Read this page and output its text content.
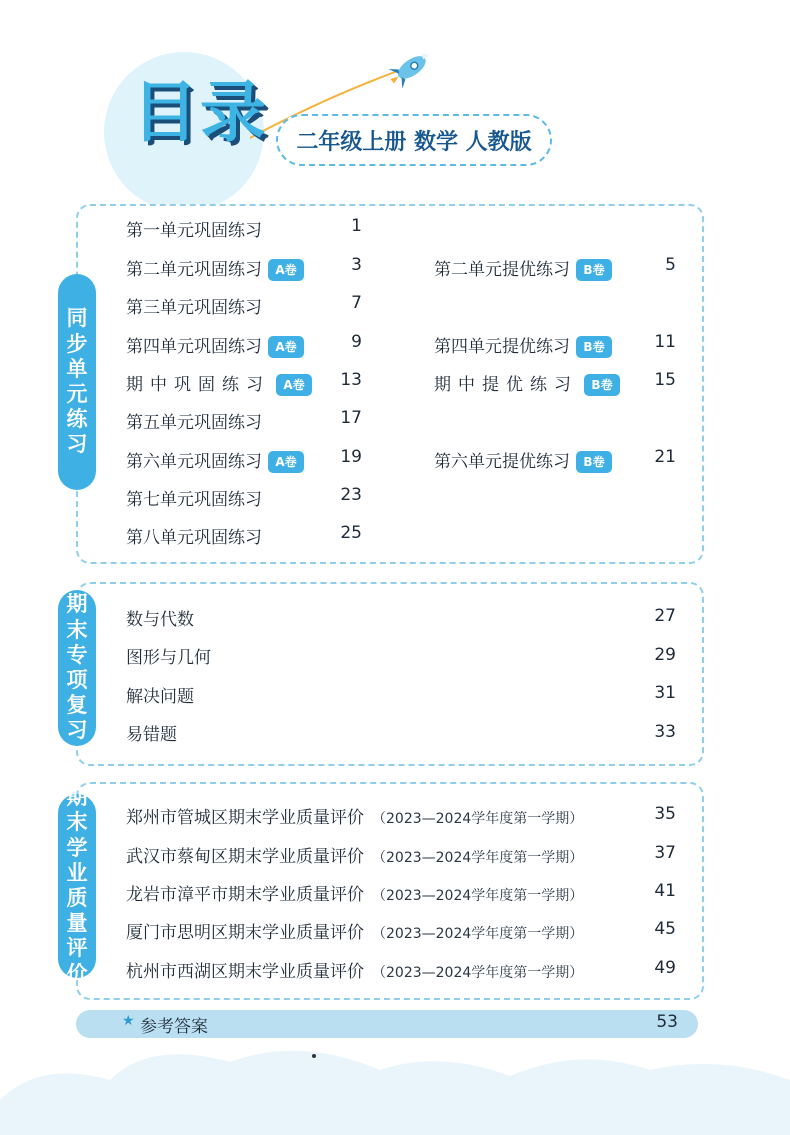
目录	二年级上册 数学 人教版
同
步
单
元
练
习
第一单元巩固练习	1
第二单元巩固练习 A卷	3	第二单元提优练习 B卷	5
第三单元巩固练习	7
第四单元巩固练习 A卷	9	第四单元提优练习 B卷	11
期中巩固练习 A卷	13	期中提优练习 B卷	15
第五单元巩固练习	17
第六单元巩固练习 A卷	19	第六单元提优练习 B卷	21
第七单元巩固练习	23
第八单元巩固练习	25
期
末
专
项
复
习
数与代数	27
图形与几何	29
解决问题	31
易错题	33
期
末
学
业
质
量
评
价
郑州市管城区期末学业质量评价 （2023—2024学年度第一学期）	35
武汉市蔡甸区期末学业质量评价 （2023—2024学年度第一学期）	37
龙岩市漳平市期末学业质量评价 （2023—2024学年度第一学期）	41
厦门市思明区期末学业质量评价 （2023—2024学年度第一学期）	45
杭州市西湖区期末学业质量评价 （2023—2024学年度第一学期）	49
★ 参考答案	53
